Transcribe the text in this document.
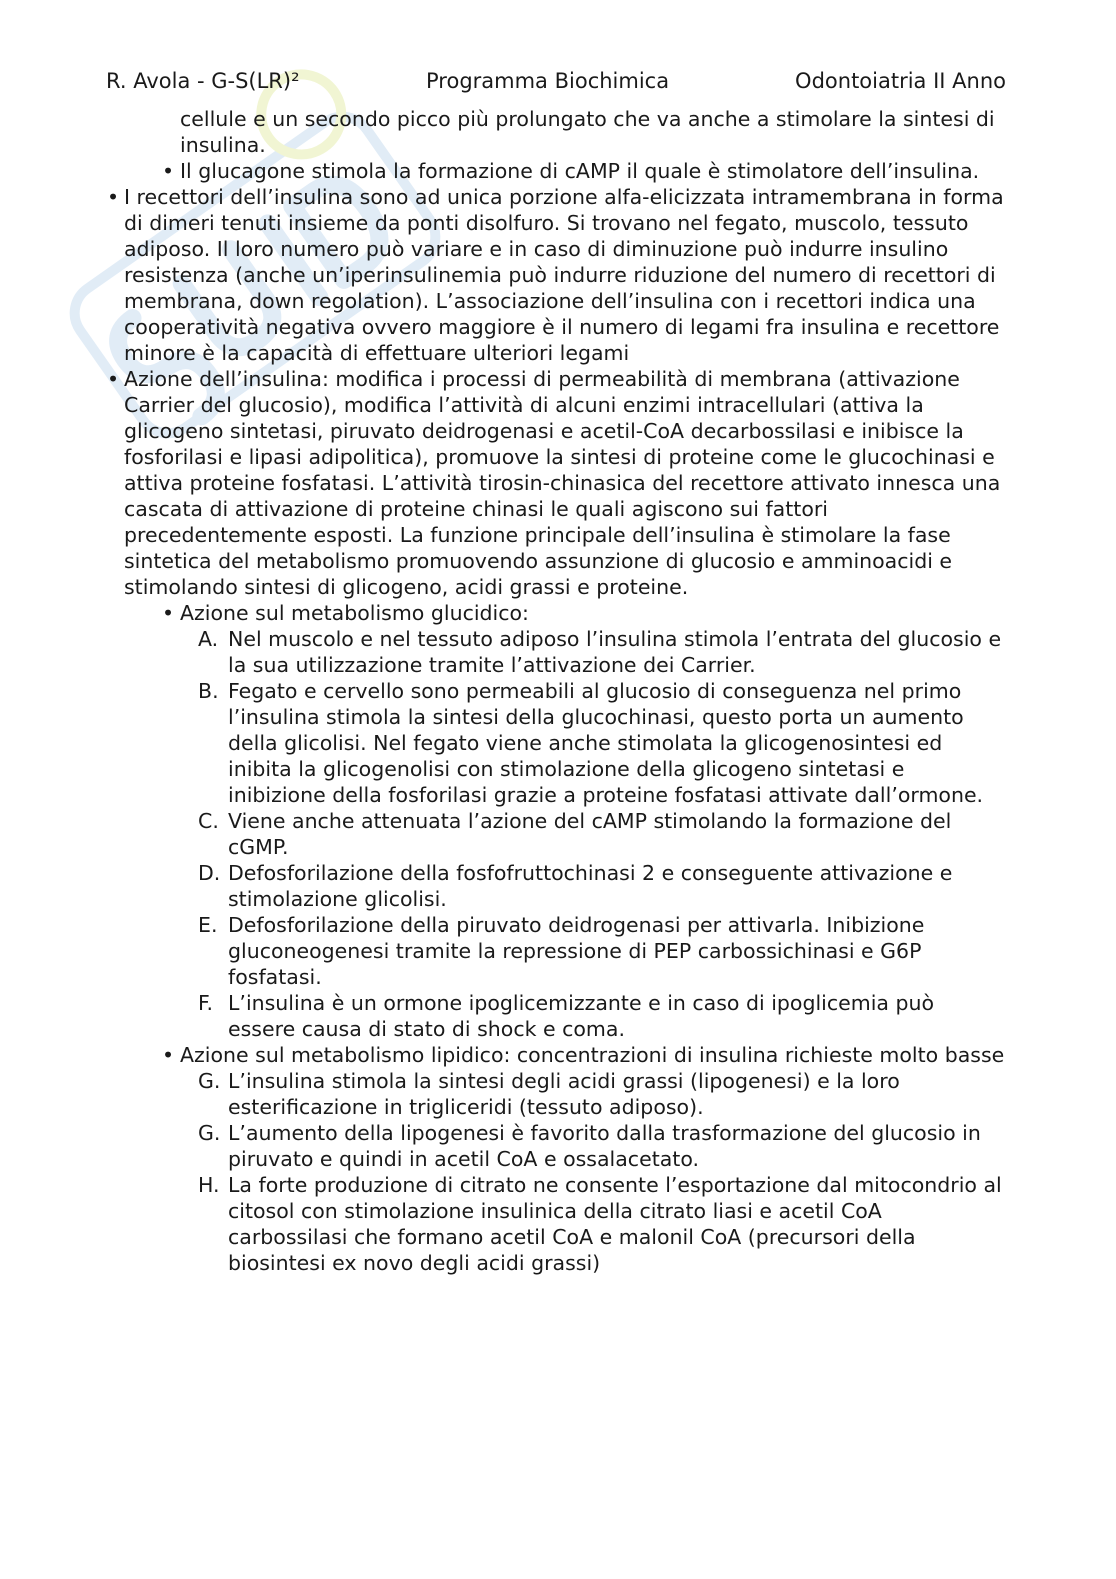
R. Avola - G-S(LR)²	Programma Biochimica	Odontoiatria II Anno
cellule e un secondo picco più prolungato che va anche a stimolare la sintesi di insulina.
• Il glucagone stimola la formazione di cAMP il quale è stimolatore dell’insulina.
• I recettori dell’insulina sono ad unica porzione alfa-elicizzata intramembrana in forma di dimeri tenuti insieme da ponti disolfuro. Si trovano nel fegato, muscolo, tessuto adiposo. Il loro numero può variare e in caso di diminuzione può indurre insulino resistenza (anche un’iperinsulinemia può indurre riduzione del numero di recettori di membrana, down regolation). L’associazione dell’insulina con i recettori indica una cooperatività negativa ovvero maggiore è il numero di legami fra insulina e recettore minore è la capacità di effettuare ulteriori legami
• Azione dell’insulina: modifica i processi di permeabilità di membrana (attivazione Carrier del glucosio), modifica l’attività di alcuni enzimi intracellulari (attiva la glicogeno sintetasi, piruvato deidrogenasi e acetil-CoA decarbossilasi e inibisce la fosforilasi e lipasi adipolitica), promuove la sintesi di proteine come le glucochinasi e attiva proteine fosfatasi. L’attività tirosin-chinasica del recettore attivato innesca una cascata di attivazione di proteine chinasi le quali agiscono sui fattori precedentemente esposti. La funzione principale dell’insulina è stimolare la fase sintetica del metabolismo promuovendo assunzione di glucosio e amminoacidi e stimolando sintesi di glicogeno, acidi grassi e proteine.
• Azione sul metabolismo glucidico:
A. Nel muscolo e nel tessuto adiposo l’insulina stimola l’entrata del glucosio e la sua utilizzazione tramite l’attivazione dei Carrier.
B. Fegato e cervello sono permeabili al glucosio di conseguenza nel primo l’insulina stimola la sintesi della glucochinasi, questo porta un aumento della glicolisi. Nel fegato viene anche stimolata la glicogenosintesi ed inibita la glicogenolisi con stimolazione della glicogeno sintetasi e inibizione della fosforilasi grazie a proteine fosfatasi attivate dall’ormone.
C. Viene anche attenuata l’azione del cAMP stimolando la formazione del cGMP.
D. Defosforilazione della fosfofruttochinasi 2 e conseguente attivazione e stimolazione glicolisi.
E. Defosforilazione della piruvato deidrogenasi per attivarla. Inibizione gluconeogenesi tramite la repressione di PEP carbossichinasi e G6P fosfatasi.
F. L’insulina è un ormone ipoglicemizzante e in caso di ipoglicemia può essere causa di stato di shock e coma.
• Azione sul metabolismo lipidico: concentrazioni di insulina richieste molto basse
G. L’insulina stimola la sintesi degli acidi grassi (lipogenesi) e la loro esterificazione in trigliceridi (tessuto adiposo).
G. L’aumento della lipogenesi è favorito dalla trasformazione del glucosio in piruvato e quindi in acetil CoA e ossalacetato.
H. La forte produzione di citrato ne consente l’esportazione dal mitocondrio al citosol con stimolazione insulinica della citrato liasi e acetil CoA carbossilasi che formano acetil CoA e malonil CoA (precursori della biosintesi ex novo degli acidi grassi)
